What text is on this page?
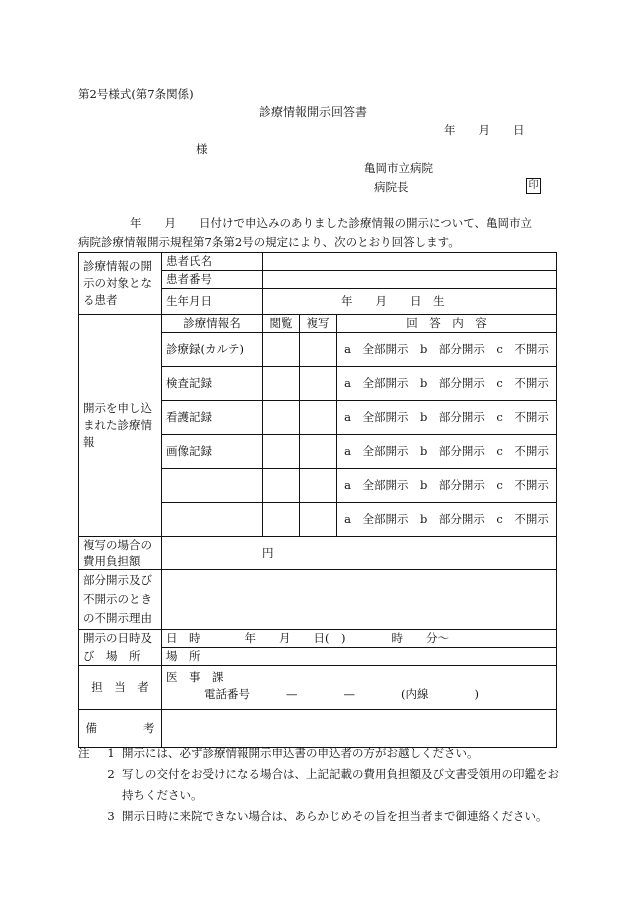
第2号様式(第7条関係)
診療情報開示回答書
年　　月　　日
様
亀岡市立病院
病院長	印
年　　月　　日付けで申込みのありました診療情報の開示について、亀岡市立
病院診療情報開示規程第7条第2号の規定により、次のとおり回答します。
診療情報の開示の対象となる患者	患者氏名			
	患者番号			
	生年月日	年　　月　　日　生		
開示を申し込まれた診療情報	診療情報名	閲覧	複写	回　答　内　容
	診療録(カルテ)			a　全部開示　 b　部分開示　 c　不開示
	検査記録			a　全部開示　 b　部分開示　 c　不開示
	看護記録			a　全部開示　 b　部分開示　 c　不開示
	画像記録			a　全部開示　 b　部分開示　 c　不開示
				a　全部開示　 b　部分開示　 c　不開示
				a　全部開示　 b　部分開示　 c　不開示
複写の場合の費用負担額	円			
部分開示及び不開示のときの不開示理由				
開示の日時及	日　時 年　　月　　日(　)　　　　時　　分〜			
び　場　所	場　所			
担　当　者	医　事　課
電話番号 —　　　　—　　　　(内線　　　　)			

備　　　　考				
注	1 開示には、必ず診療情報開示申込書の申込者の方がお越しください。
2 写しの交付をお受けになる場合は、上記記載の費用負担額及び文書受領用の印鑑をお持ちください。
3 開示日時に来院できない場合は、あらかじめその旨を担当者まで御連絡ください。
